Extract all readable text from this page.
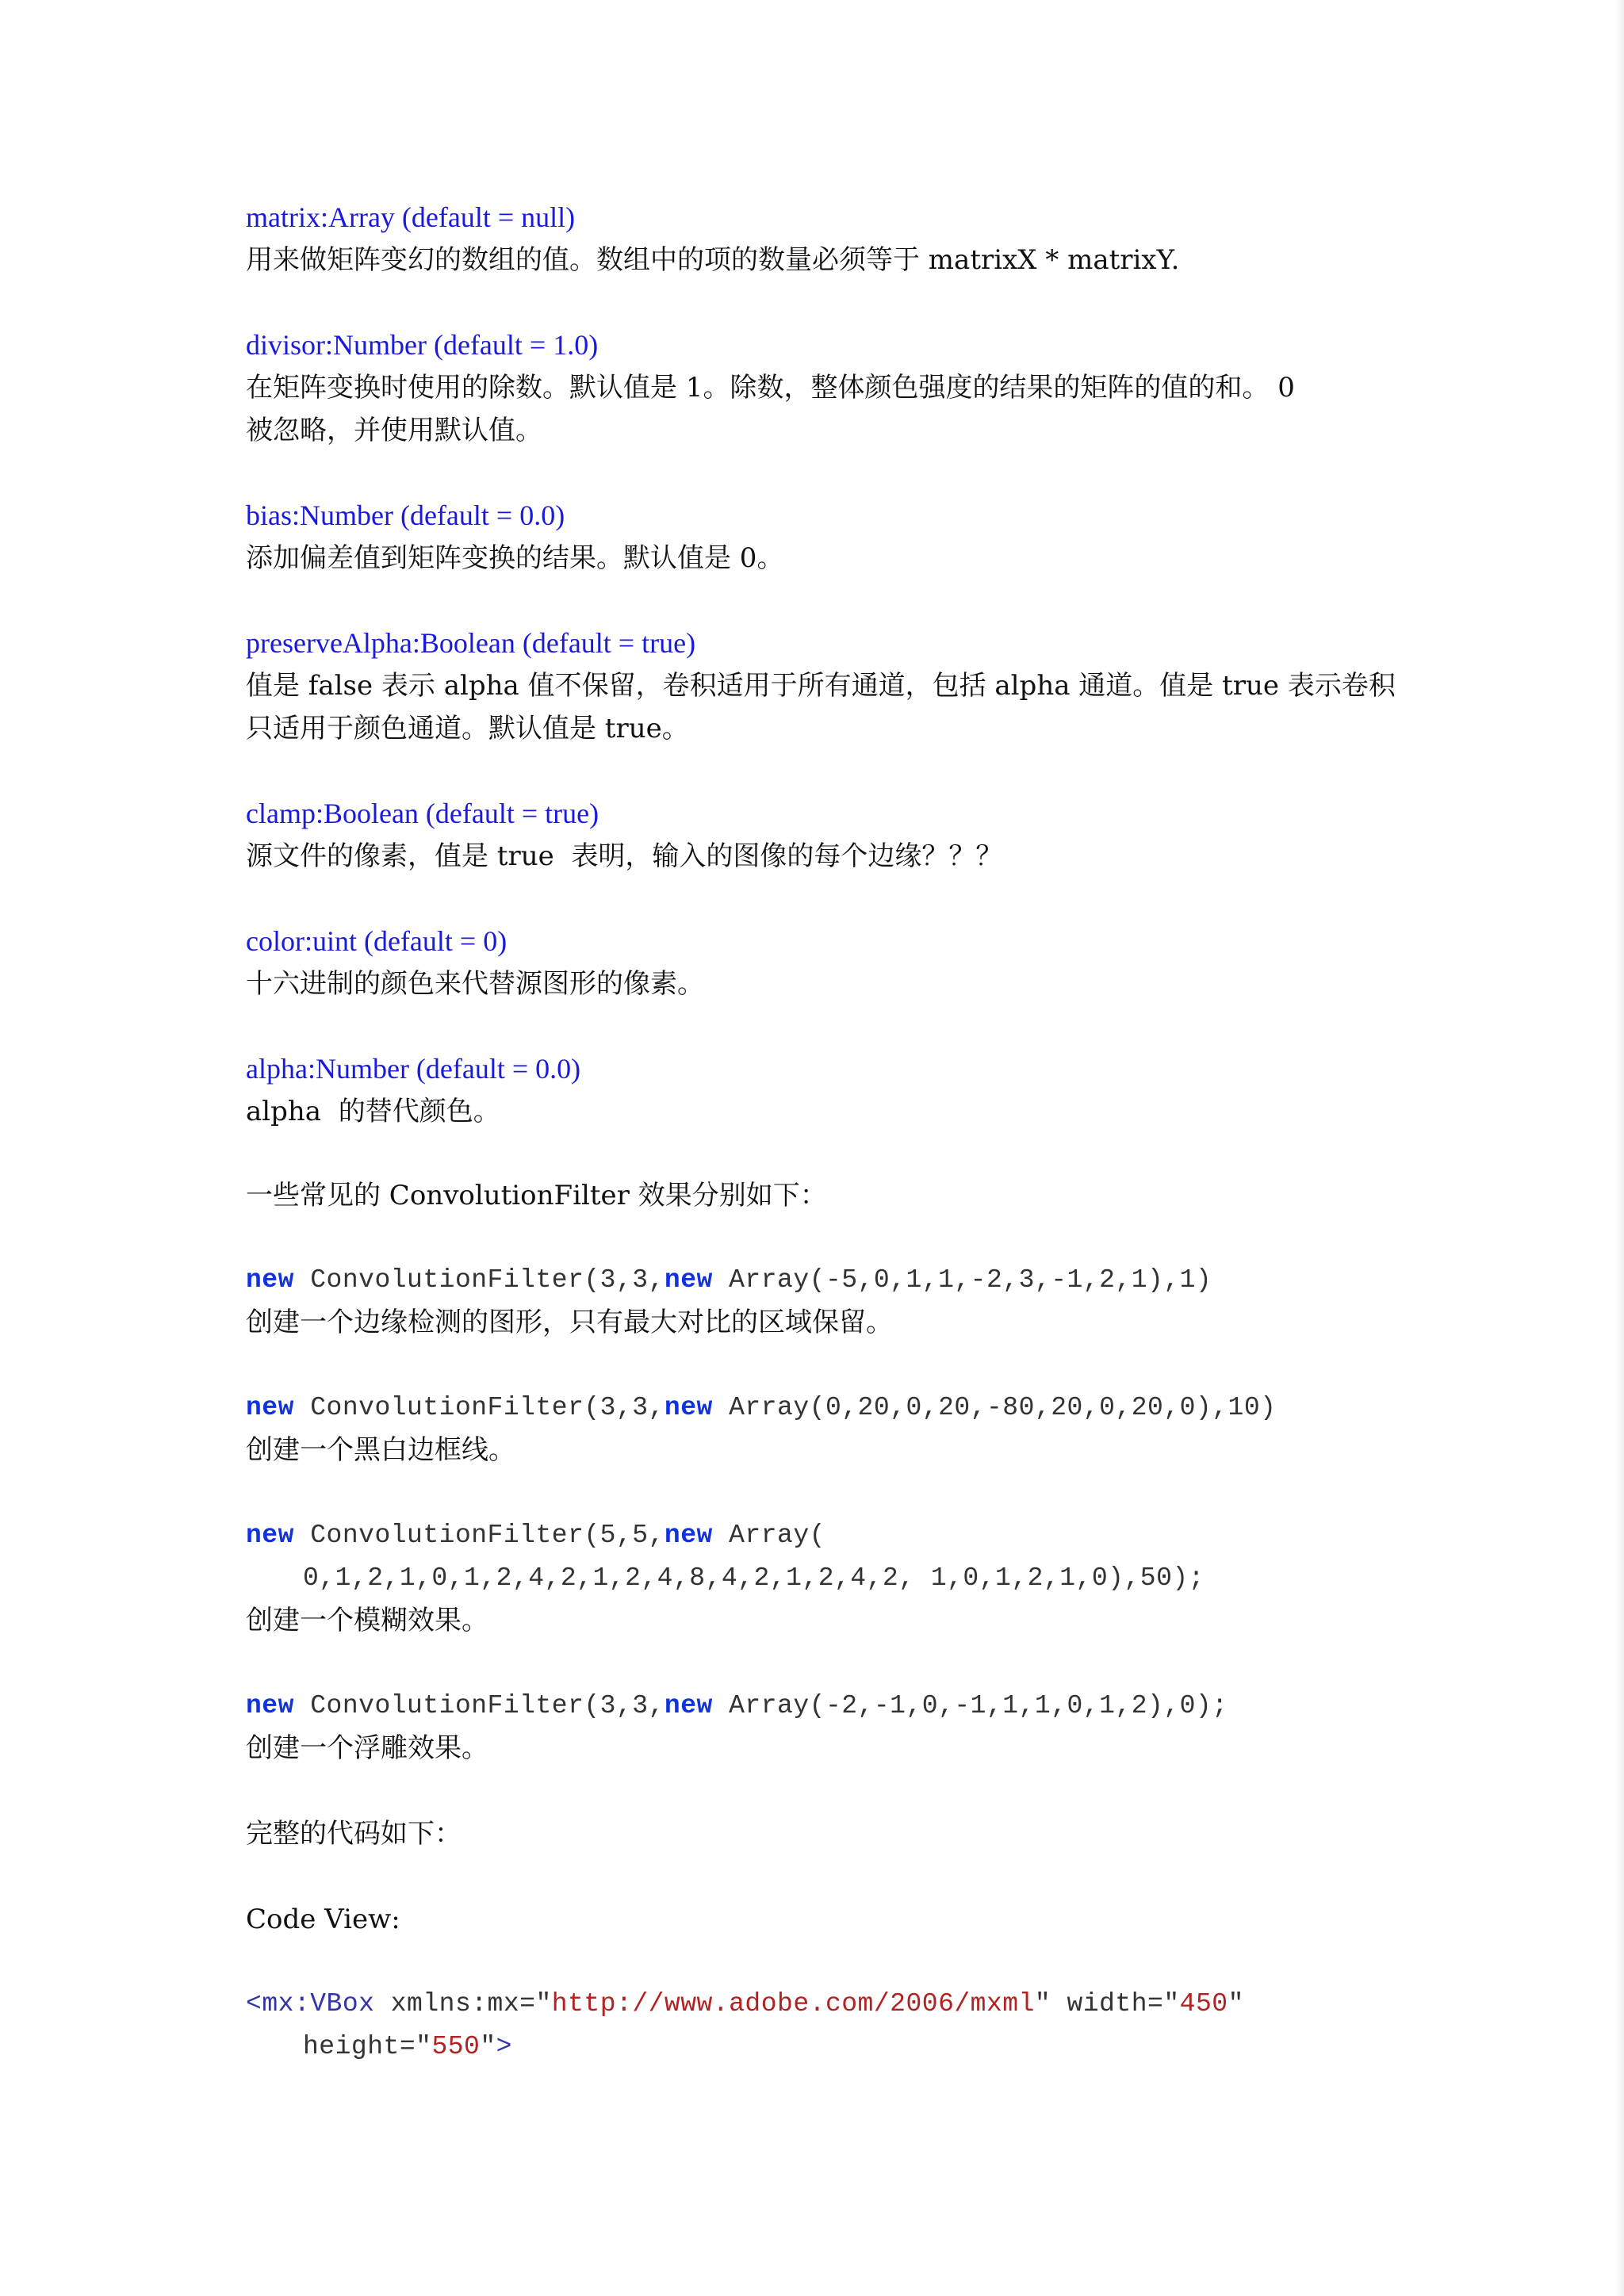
matrix:Array (default = null)
用来做矩阵变幻的数组的值。数组中的项的数量必须等于 matrixX * matrixY.
divisor:Number (default = 1.0)
在矩阵变换时使用的除数。默认值是 1。除数，整体颜色强度的结果的矩阵的值的和。 0
被忽略，并使用默认值。
bias:Number (default = 0.0)
添加偏差值到矩阵变换的结果。默认值是 0。
preserveAlpha:Boolean (default = true)
值是 false 表示 alpha 值不保留，卷积适用于所有通道，包括 alpha 通道。值是 true 表示卷积
只适用于颜色通道。默认值是 true。
clamp:Boolean (default = true)
源文件的像素，值是 true  表明，输入的图像的每个边缘？？？
color:uint (default = 0)
十六进制的颜色来代替源图形的像素。
alpha:Number (default = 0.0)
alpha  的替代颜色。
一些常见的 ConvolutionFilter 效果分别如下：
new ConvolutionFilter(3,3,new Array(-5,0,1,1,-2,3,-1,2,1),1)
创建一个边缘检测的图形，只有最大对比的区域保留。
new ConvolutionFilter(3,3,new Array(0,20,0,20,-80,20,0,20,0),10)
创建一个黑白边框线。
new ConvolutionFilter(5,5,new Array(
0,1,2,1,0,1,2,4,2,1,2,4,8,4,2,1,2,4,2, 1,0,1,2,1,0),50);
创建一个模糊效果。
new ConvolutionFilter(3,3,new Array(-2,-1,0,-1,1,1,0,1,2),0);
创建一个浮雕效果。
完整的代码如下：
Code View:
<mx:VBox xmlns:mx="http://www.adobe.com/2006/mxml" width="450"
height="550">
